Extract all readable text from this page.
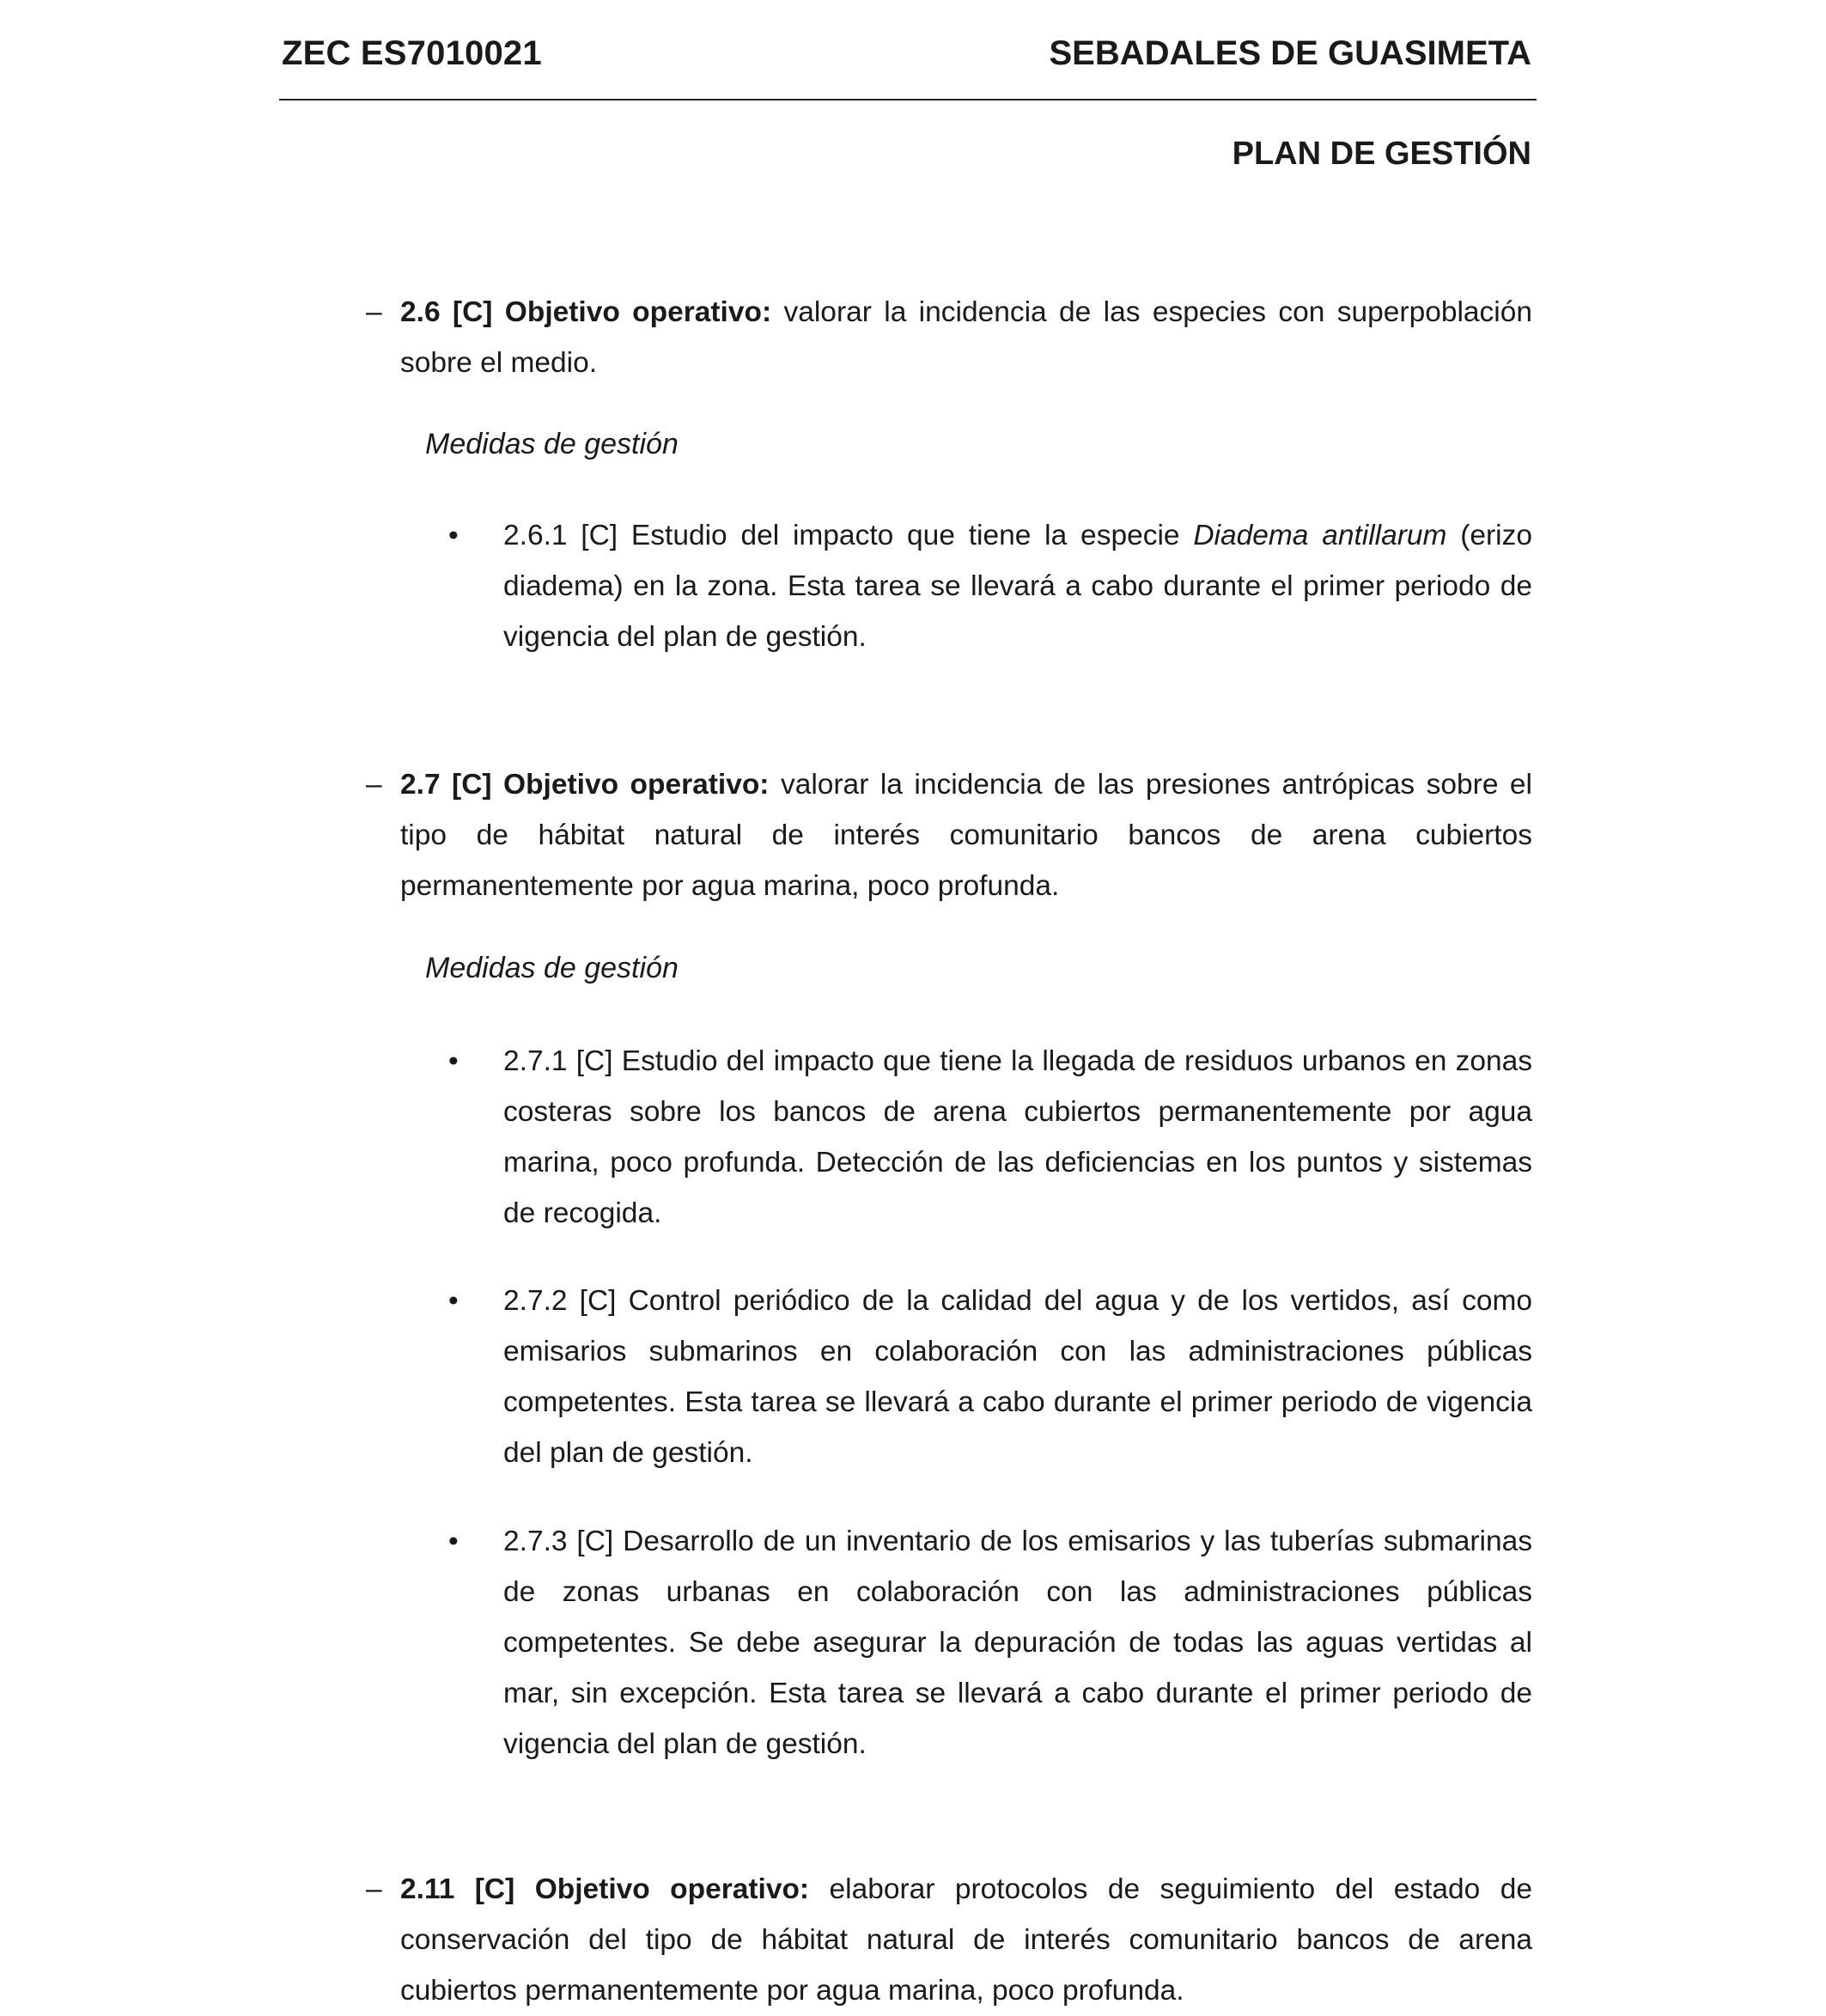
ZEC ES7010021	SEBADALES DE GUASIMETA
PLAN DE GESTIÓN
– 2.6 [C] Objetivo operativo: valorar la incidencia de las especies con superpoblación sobre el medio.
Medidas de gestión
• 2.6.1 [C] Estudio del impacto que tiene la especie Diadema antillarum (erizo diadema) en la zona. Esta tarea se llevará a cabo durante el primer periodo de vigencia del plan de gestión.
– 2.7 [C] Objetivo operativo: valorar la incidencia de las presiones antrópicas sobre el tipo de hábitat natural de interés comunitario bancos de arena cubiertos permanentemente por agua marina, poco profunda.
Medidas de gestión
• 2.7.1 [C] Estudio del impacto que tiene la llegada de residuos urbanos en zonas costeras sobre los bancos de arena cubiertos permanentemente por agua marina, poco profunda. Detección de las deficiencias en los puntos y sistemas de recogida.
• 2.7.2 [C] Control periódico de la calidad del agua y de los vertidos, así como emisarios submarinos en colaboración con las administraciones públicas competentes. Esta tarea se llevará a cabo durante el primer periodo de vigencia del plan de gestión.
• 2.7.3 [C] Desarrollo de un inventario de los emisarios y las tuberías submarinas de zonas urbanas en colaboración con las administraciones públicas competentes. Se debe asegurar la depuración de todas las aguas vertidas al mar, sin excepción. Esta tarea se llevará a cabo durante el primer periodo de vigencia del plan de gestión.
– 2.11 [C] Objetivo operativo: elaborar protocolos de seguimiento del estado de conservación del tipo de hábitat natural de interés comunitario bancos de arena cubiertos permanentemente por agua marina, poco profunda.
